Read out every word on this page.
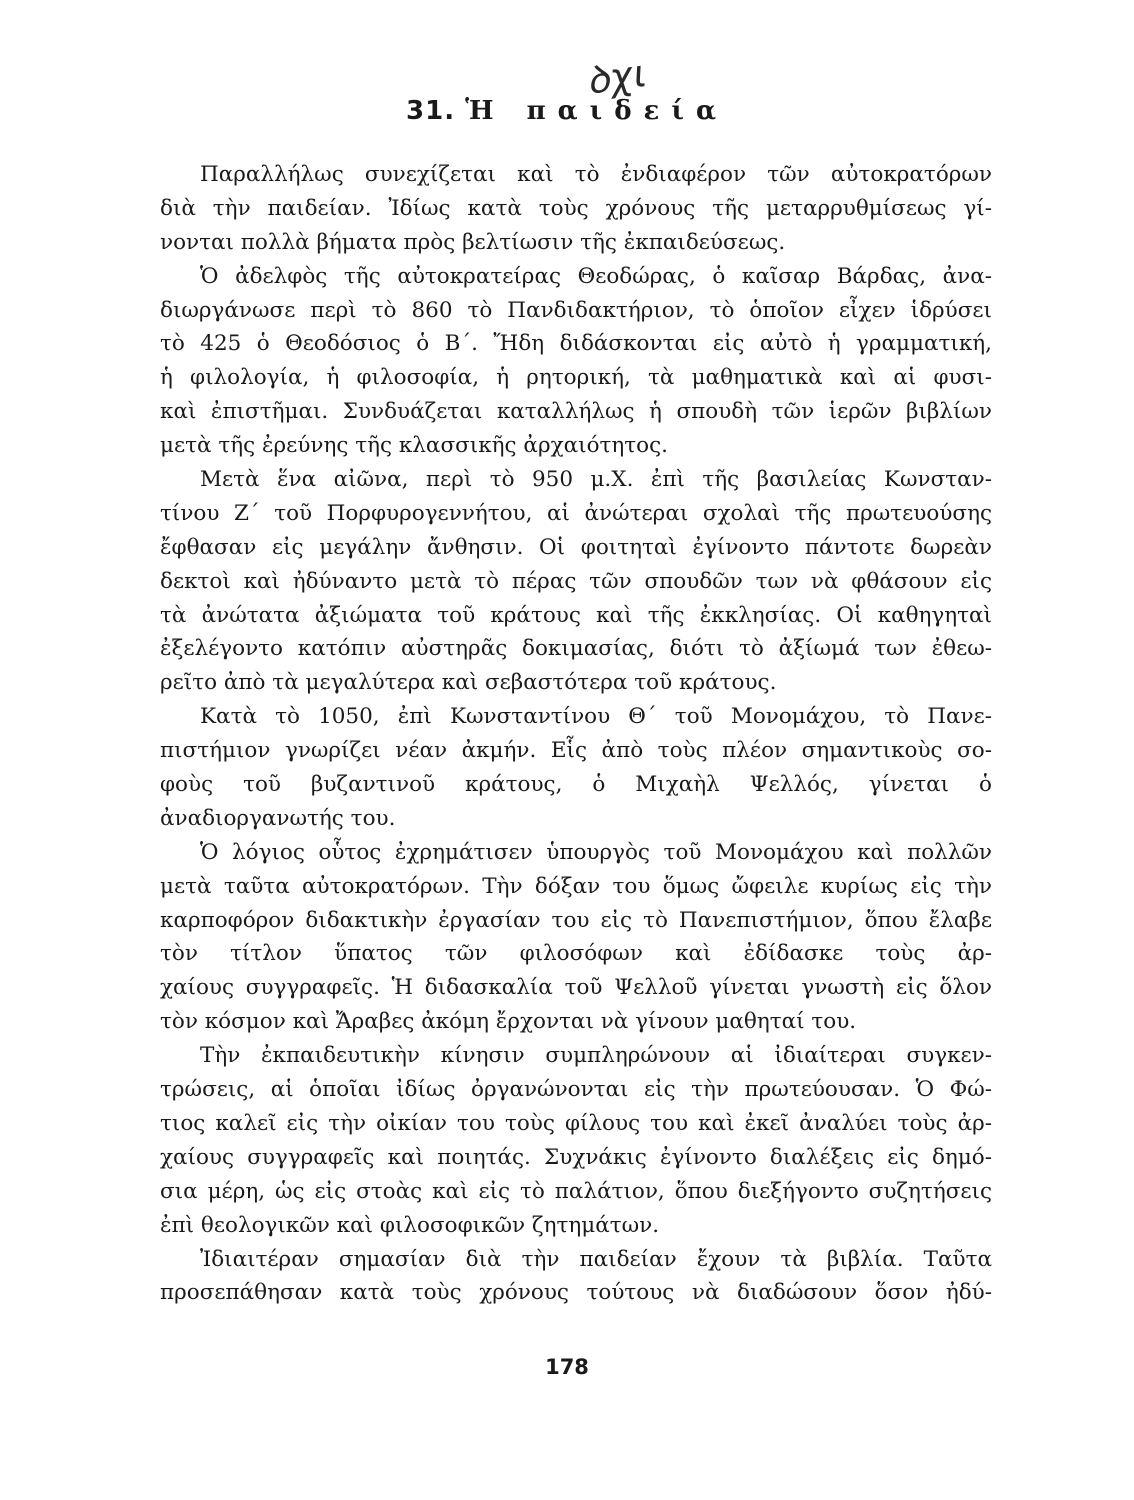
ꝺχι
31. Ἡ παιδεία
Παραλλήλως συνεχίζεται καὶ τὸ ἐνδιαφέρον τῶν αὐτοκρατόρων
διὰ τὴν παιδείαν. Ἰδίως κατὰ τοὺς χρόνους τῆς μεταρρυθμίσεως γί-
νονται πολλὰ βήματα πρὸς βελτίωσιν τῆς ἐκπαιδεύσεως.
Ὁ ἀδελφὸς τῆς αὐτοκρατείρας Θεοδώρας, ὁ καῖσαρ Βάρδας, ἀνα-
διωργάνωσε περὶ τὸ 860 τὸ Πανδιδακτήριον, τὸ ὁποῖον εἶχεν ἱδρύσει
τὸ 425 ὁ Θεοδόσιος ὁ Β΄. Ἤδη διδάσκονται εἰς αὐτὸ ἡ γραμματική,
ἡ φιλολογία, ἡ φιλοσοφία, ἡ ρητορική, τὰ μαθηματικὰ καὶ αἱ φυσι-
καὶ ἐπιστῆμαι. Συνδυάζεται καταλλήλως ἡ σπουδὴ τῶν ἱερῶν βιβλίων
μετὰ τῆς ἐρεύνης τῆς κλασσικῆς ἀρχαιότητος.
Μετὰ ἕνα αἰῶνα, περὶ τὸ 950 μ.Χ. ἐπὶ τῆς βασιλείας Κωνσταν-
τίνου Ζ΄ τοῦ Πορφυρογεννήτου, αἱ ἀνώτεραι σχολαὶ τῆς πρωτευούσης
ἔφθασαν εἰς μεγάλην ἄνθησιν. Οἱ φοιτηταὶ ἐγίνοντο πάντοτε δωρεὰν
δεκτοὶ καὶ ἠδύναντο μετὰ τὸ πέρας τῶν σπουδῶν των νὰ φθάσουν εἰς
τὰ ἀνώτατα ἀξιώματα τοῦ κράτους καὶ τῆς ἐκκλησίας. Οἱ καθηγηταὶ
ἐξελέγοντο κατόπιν αὐστηρᾶς δοκιμασίας, διότι τὸ ἀξίωμά των ἐθεω-
ρεῖτο ἀπὸ τὰ μεγαλύτερα καὶ σεβαστότερα τοῦ κράτους.
Κατὰ τὸ 1050, ἐπὶ Κωνσταντίνου Θ΄ τοῦ Μονομάχου, τὸ Πανε-
πιστήμιον γνωρίζει νέαν ἀκμήν. Εἷς ἀπὸ τοὺς πλέον σημαντικοὺς σο-
φοὺς τοῦ βυζαντινοῦ κράτους, ὁ Μιχαὴλ Ψελλός, γίνεται ὁ
ἀναδιοργανωτής του.
Ὁ λόγιος οὗτος ἐχρημάτισεν ὑπουργὸς τοῦ Μονομάχου καὶ πολλῶν
μετὰ ταῦτα αὐτοκρατόρων. Τὴν δόξαν του ὅμως ὤφειλε κυρίως εἰς τὴν
καρποφόρον διδακτικὴν ἐργασίαν του εἰς τὸ Πανεπιστήμιον, ὅπου ἔλαβε
τὸν τίτλον ὕπατος τῶν φιλοσόφων καὶ ἐδίδασκε τοὺς ἀρ-
χαίους συγγραφεῖς. Ἡ διδασκαλία τοῦ Ψελλοῦ γίνεται γνωστὴ εἰς ὅλον
τὸν κόσμον καὶ Ἄραβες ἀκόμη ἔρχονται νὰ γίνουν μαθηταί του.
Τὴν ἐκπαιδευτικὴν κίνησιν συμπληρώνουν αἱ ἰδιαίτεραι συγκεν-
τρώσεις, αἱ ὁποῖαι ἰδίως ὀργανώνονται εἰς τὴν πρωτεύουσαν. Ὁ Φώ-
τιος καλεῖ εἰς τὴν οἰκίαν του τοὺς φίλους του καὶ ἐκεῖ ἀναλύει τοὺς ἀρ-
χαίους συγγραφεῖς καὶ ποιητάς. Συχνάκις ἐγίνοντο διαλέξεις εἰς δημό-
σια μέρη, ὡς εἰς στοὰς καὶ εἰς τὸ παλάτιον, ὅπου διεξήγοντο συζητήσεις
ἐπὶ θεολογικῶν καὶ φιλοσοφικῶν ζητημάτων.
Ἰδιαιτέραν σημασίαν διὰ τὴν παιδείαν ἔχουν τὰ βιβλία. Ταῦτα
προσεπάθησαν κατὰ τοὺς χρόνους τούτους νὰ διαδώσουν ὅσον ἠδύ-

178
